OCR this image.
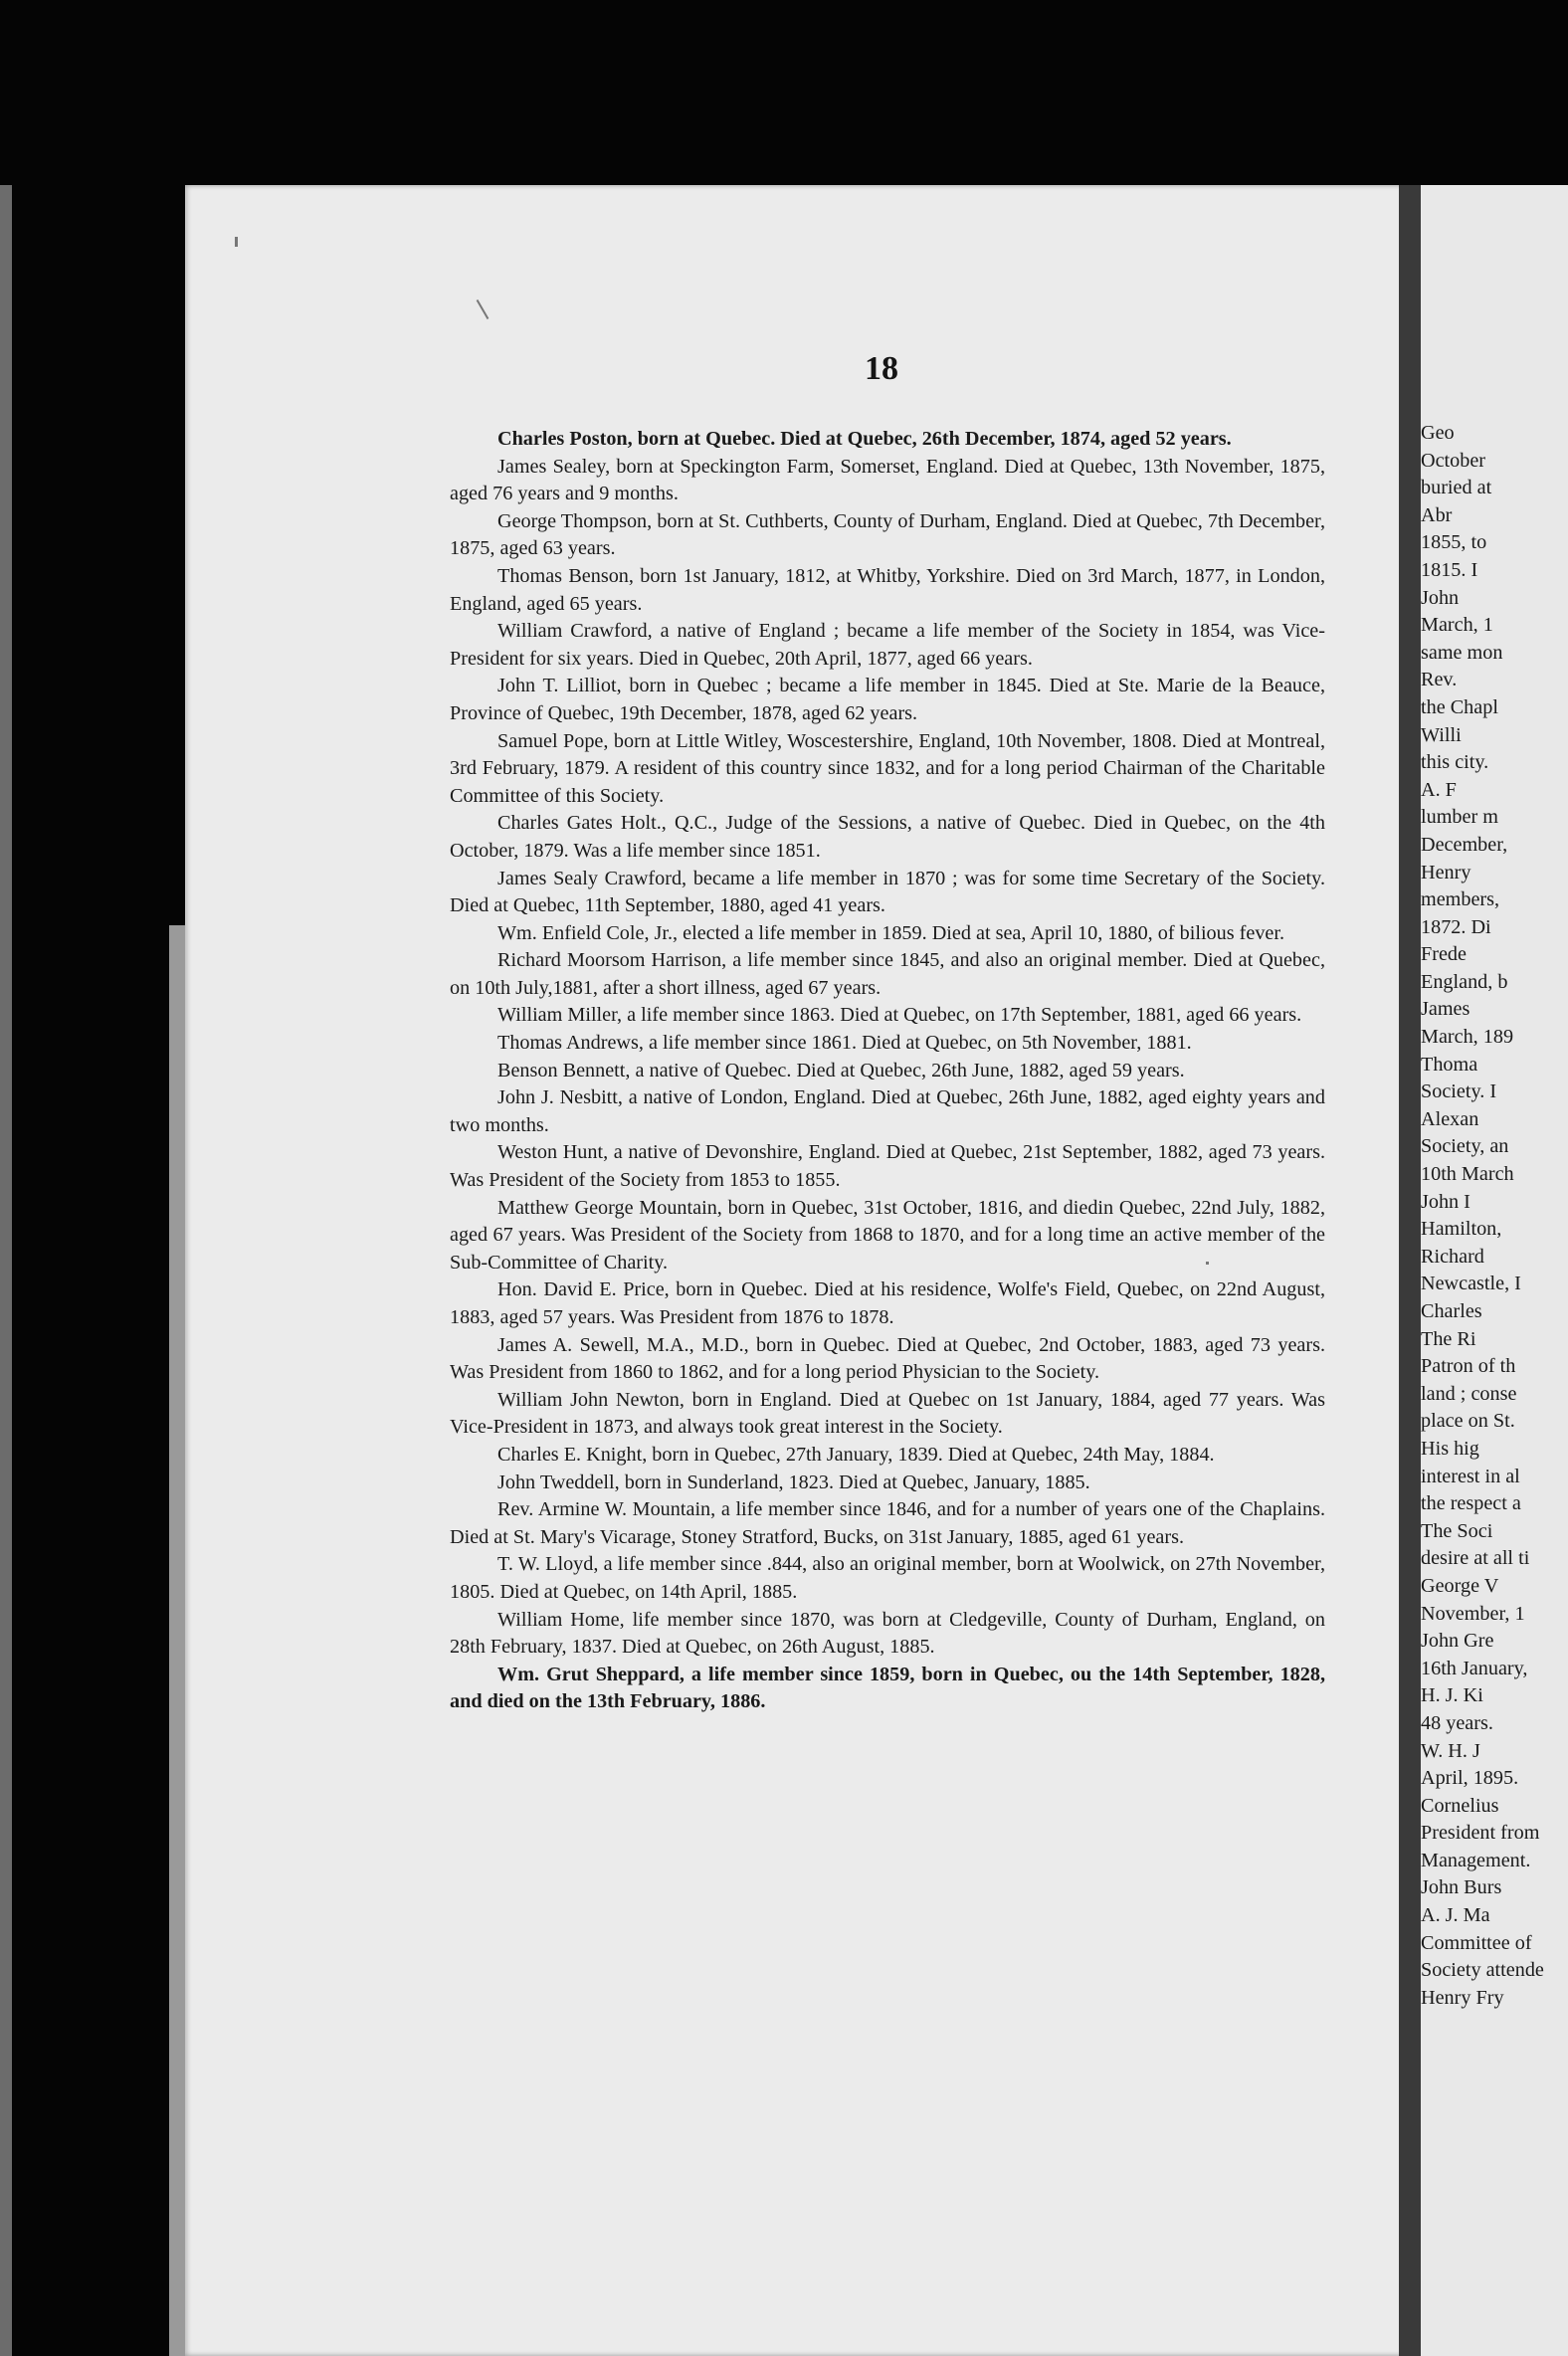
Geo
October
buried at
Abr
1855, to
1815. I
John
March, 1
same mon
Rev.
the Chapl
Willi
this city.
A. F
lumber m
December,
Henry
members,
1872. Di
Frede
England, b
James
March, 189
Thoma
Society. I
Alexan
Society, an
10th March
John I
Hamilton,
Richard
Newcastle, I
Charles
The Ri
Patron of th
land ; conse
place on St.
His hig
interest in al
the respect a
The Soci
desire at all ti
George V
November, 1
John Gre
16th January,
H. J. Ki
48 years.
W. H. J
April, 1895.
Cornelius
President from
Management.
John Burs
A. J. Ma
Committee of
Society attende
Henry Fry
18

Charles Poston, born at Quebec. Died at Quebec, 26th December, 1874, aged 52 years.

James Sealey, born at Speckington Farm, Somerset, England. Died at Quebec, 13th November, 1875, aged 76 years and 9 months.

George Thompson, born at St. Cuthberts, County of Durham, England. Died at Quebec, 7th December, 1875, aged 63 years.

Thomas Benson, born 1st January, 1812, at Whitby, Yorkshire. Died on 3rd March, 1877, in London, England, aged 65 years.

William Crawford, a native of England ; became a life member of the Society in 1854, was Vice-President for six years. Died in Quebec, 20th April, 1877, aged 66 years.

John T. Lilliot, born in Quebec ; became a life member in 1845. Died at Ste. Marie de la Beauce, Province of Quebec, 19th December, 1878, aged 62 years.

Samuel Pope, born at Little Witley, Woscestershire, England, 10th November, 1808. Died at Montreal, 3rd February, 1879. A resident of this country since 1832, and for a long period Chairman of the Charitable Committee of this Society.

Charles Gates Holt., Q.C., Judge of the Sessions, a native of Quebec. Died in Quebec, on the 4th October, 1879. Was a life member since 1851.

James Sealy Crawford, became a life member in 1870 ; was for some time Secretary of the Society. Died at Quebec, 11th September, 1880, aged 41 years.

Wm. Enfield Cole, Jr., elected a life member in 1859. Died at sea, April 10, 1880, of bilious fever.

Richard Moorsom Harrison, a life member since 1845, and also an original member. Died at Quebec, on 10th July,1881, after a short illness, aged 67 years.

William Miller, a life member since 1863. Died at Quebec, on 17th September, 1881, aged 66 years.

Thomas Andrews, a life member since 1861. Died at Quebec, on 5th November, 1881.

Benson Bennett, a native of Quebec. Died at Quebec, 26th June, 1882, aged 59 years.

John J. Nesbitt, a native of London, England. Died at Quebec, 26th June, 1882, aged eighty years and two months.

Weston Hunt, a native of Devonshire, England. Died at Quebec, 21st September, 1882, aged 73 years. Was President of the Society from 1853 to 1855.

Matthew George Mountain, born in Quebec, 31st October, 1816, and diedin Quebec, 22nd July, 1882, aged 67 years. Was President of the Society from 1868 to 1870, and for a long time an active member of the Sub-Committee of Charity.

Hon. David E. Price, born in Quebec. Died at his residence, Wolfe's Field, Quebec, on 22nd August, 1883, aged 57 years. Was President from 1876 to 1878.

James A. Sewell, M.A., M.D., born in Quebec. Died at Quebec, 2nd October, 1883, aged 73 years. Was President from 1860 to 1862, and for a long period Physician to the Society.

William John Newton, born in England. Died at Quebec on 1st January, 1884, aged 77 years. Was Vice-President in 1873, and always took great interest in the Society.

Charles E. Knight, born in Quebec, 27th January, 1839. Died at Quebec, 24th May, 1884.

John Tweddell, born in Sunderland, 1823. Died at Quebec, January, 1885.

Rev. Armine W. Mountain, a life member since 1846, and for a number of years one of the Chaplains. Died at St. Mary's Vicarage, Stoney Stratford, Bucks, on 31st January, 1885, aged 61 years.

T. W. Lloyd, a life member since .844, also an original member, born at Woolwick, on 27th November, 1805. Died at Quebec, on 14th April, 1885.

William Home, life member since 1870, was born at Cledgeville, County of Durham, England, on 28th February, 1837. Died at Quebec, on 26th August, 1885.

Wm. Grut Sheppard, a life member since 1859, born in Quebec, ou the 14th September, 1828, and died on the 13th February, 1886.
